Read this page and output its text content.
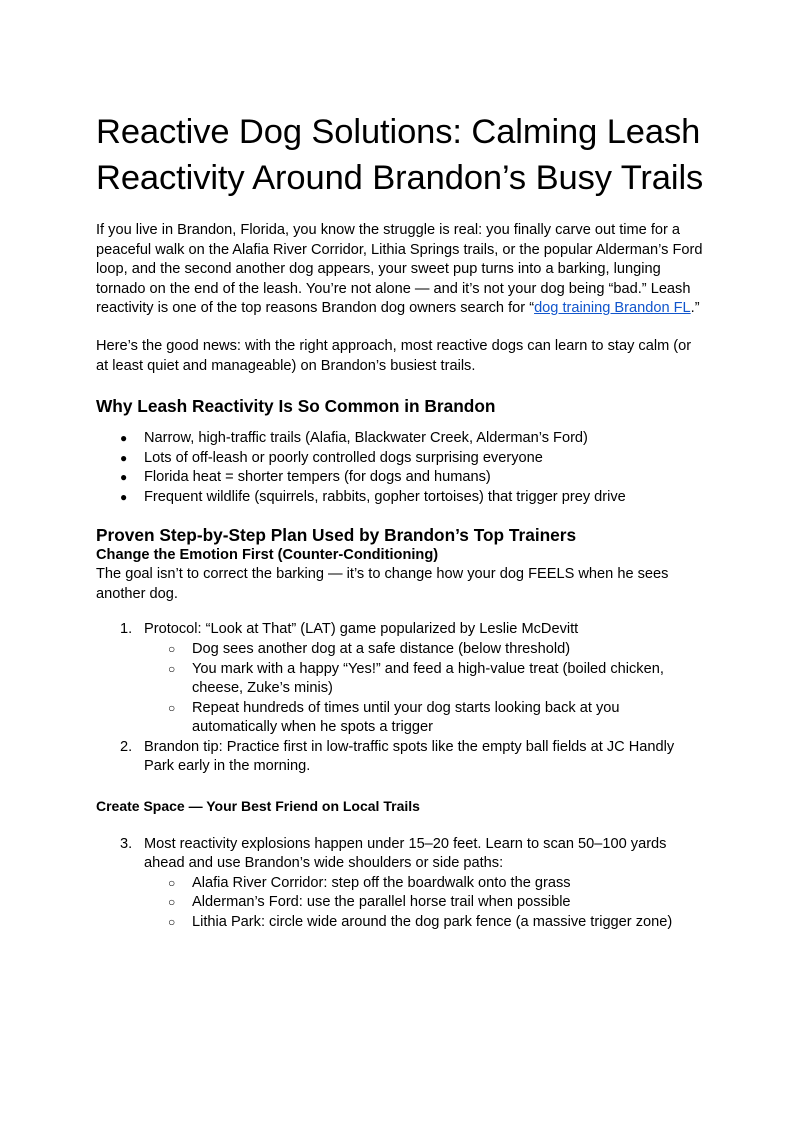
Reactive Dog Solutions: Calming Leash Reactivity Around Brandon’s Busy Trails

If you live in Brandon, Florida, you know the struggle is real: you finally carve out time for a peaceful walk on the Alafia River Corridor, Lithia Springs trails, or the popular Alderman’s Ford loop, and the second another dog appears, your sweet pup turns into a barking, lunging tornado on the end of the leash. You’re not alone — and it’s not your dog being “bad.” Leash reactivity is one of the top reasons Brandon dog owners search for “dog training Brandon FL.”

Here’s the good news: with the right approach, most reactive dogs can learn to stay calm (or at least quiet and manageable) on Brandon’s busiest trails.

Why Leash Reactivity Is So Common in Brandon
● Narrow, high-traffic trails (Alafia, Blackwater Creek, Alderman’s Ford)
● Lots of off-leash or poorly controlled dogs surprising everyone
● Florida heat = shorter tempers (for dogs and humans)
● Frequent wildlife (squirrels, rabbits, gopher tortoises) that trigger prey drive
Proven Step-by-Step Plan Used by Brandon’s Top Trainers
Change the Emotion First (Counter-Conditioning)

The goal isn’t to correct the barking — it’s to change how your dog FEELS when he sees another dog.

1. Protocol: “Look at That” (LAT) game popularized by Leslie McDevitt
○ Dog sees another dog at a safe distance (below threshold)
○ You mark with a happy “Yes!” and feed a high-value treat (boiled chicken, cheese, Zuke’s minis)
○ Repeat hundreds of times until your dog starts looking back at you automatically when he spots a trigger
2. Brandon tip: Practice first in low-traffic spots like the empty ball fields at JC Handly Park early in the morning.
Create Space — Your Best Friend on Local Trails
3. Most reactivity explosions happen under 15–20 feet. Learn to scan 50–100 yards ahead and use Brandon’s wide shoulders or side paths:
○ Alafia River Corridor: step off the boardwalk onto the grass
○ Alderman’s Ford: use the parallel horse trail when possible
○ Lithia Park: circle wide around the dog park fence (a massive trigger zone)
